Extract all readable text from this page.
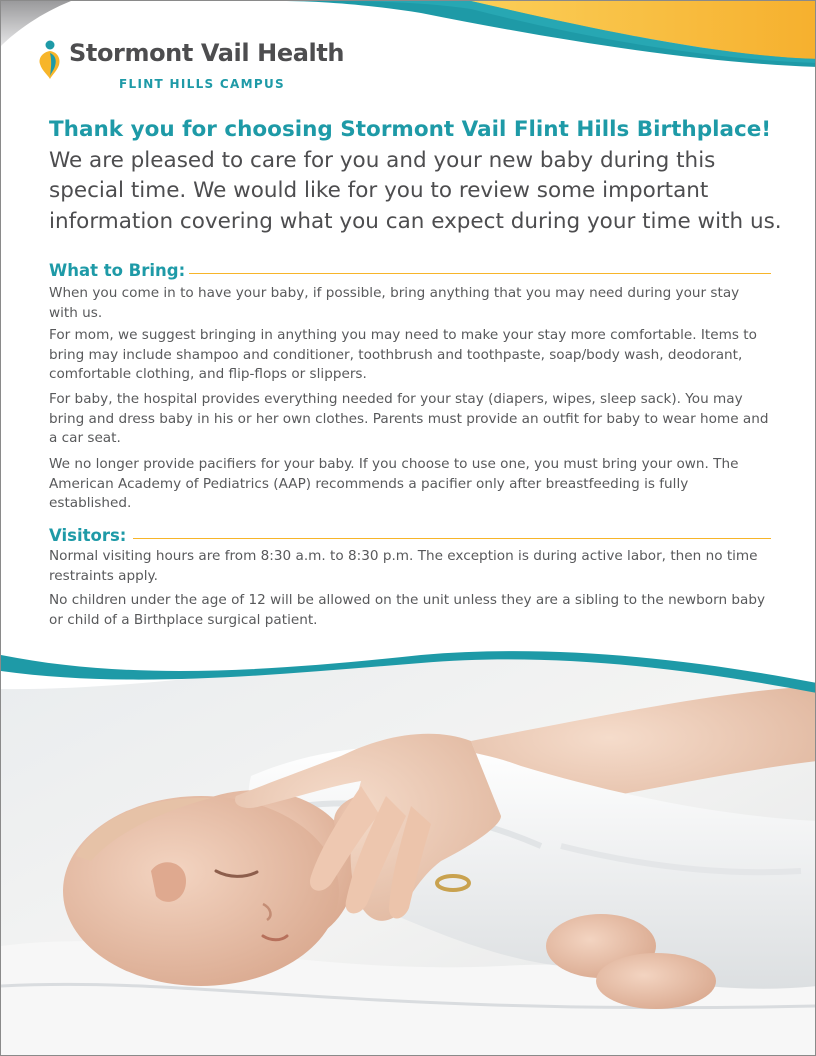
Stormont Vail Health
FLINT HILLS CAMPUS

Thank you for choosing Stormont Vail Flint Hills Birthplace! We are pleased to care for you and your new baby during this special time. We would like for you to review some important information covering what you can expect during your time with us.

What to Bring:

When you come in to have your baby, if possible, bring anything that you may need during your stay with us.

For mom, we suggest bringing in anything you may need to make your stay more comfortable. Items to bring may include shampoo and conditioner, toothbrush and toothpaste, soap/body wash, deodorant, comfortable clothing, and flip-flops or slippers.

For baby, the hospital provides everything needed for your stay (diapers, wipes, sleep sack). You may bring and dress baby in his or her own clothes. Parents must provide an outfit for baby to wear home and a car seat.

We no longer provide pacifiers for your baby. If you choose to use one, you must bring your own. The American Academy of Pediatrics (AAP) recommends a pacifier only after breastfeeding is fully established.

Visitors:

Normal visiting hours are from 8:30 a.m. to 8:30 p.m. The exception is during active labor, then no time restraints apply.

No children under the age of 12 will be allowed on the unit unless they are a sibling to the newborn baby or child of a Birthplace surgical patient.
